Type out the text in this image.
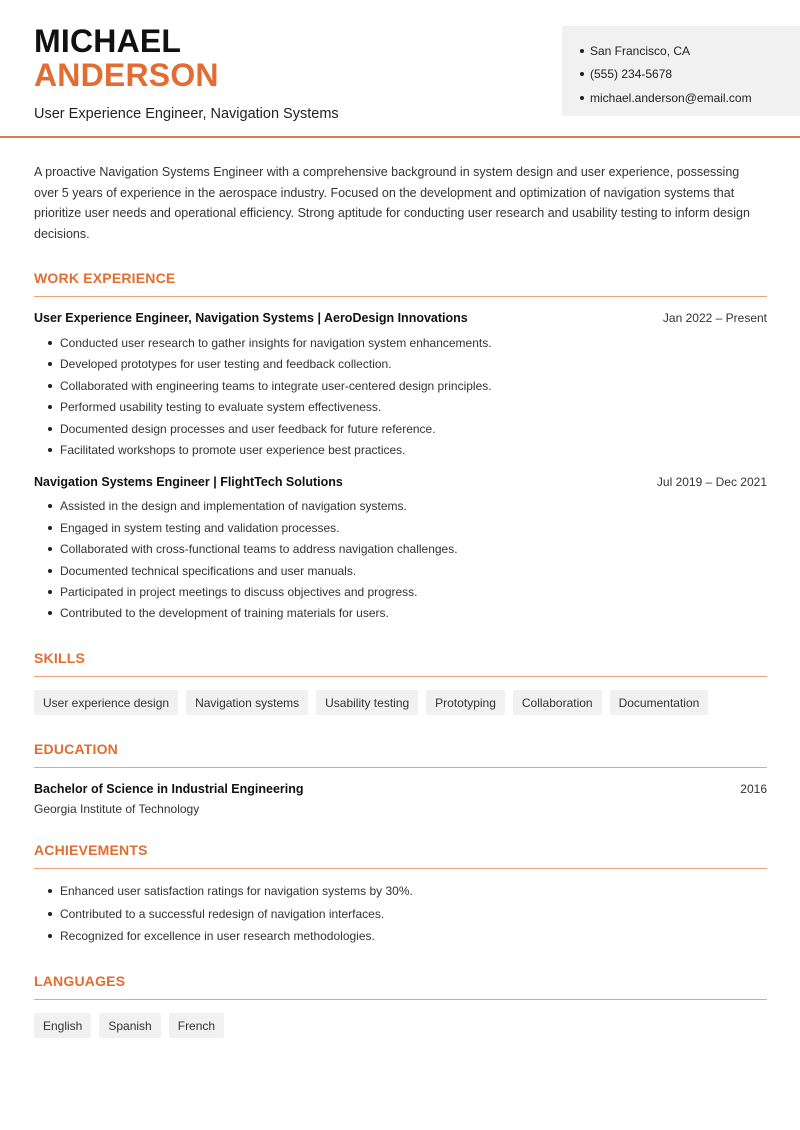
MICHAEL
ANDERSON
User Experience Engineer, Navigation Systems
San Francisco, CA
(555) 234-5678
michael.anderson@email.com

A proactive Navigation Systems Engineer with a comprehensive background in system design and user experience, possessing over 5 years of experience in the aerospace industry. Focused on the development and optimization of navigation systems that prioritize user needs and operational efficiency. Strong aptitude for conducting user research and usability testing to inform design decisions.

WORK EXPERIENCE
User Experience Engineer, Navigation Systems | AeroDesign Innovations	Jan 2022 – Present
Conducted user research to gather insights for navigation system enhancements.
Developed prototypes for user testing and feedback collection.
Collaborated with engineering teams to integrate user-centered design principles.
Performed usability testing to evaluate system effectiveness.
Documented design processes and user feedback for future reference.
Facilitated workshops to promote user experience best practices.
Navigation Systems Engineer | FlightTech Solutions	Jul 2019 – Dec 2021
Assisted in the design and implementation of navigation systems.
Engaged in system testing and validation processes.
Collaborated with cross-functional teams to address navigation challenges.
Documented technical specifications and user manuals.
Participated in project meetings to discuss objectives and progress.
Contributed to the development of training materials for users.
SKILLS
User experience design	Navigation systems	Usability testing	Prototyping	Collaboration	Documentation
EDUCATION
Bachelor of Science in Industrial Engineering	2016
Georgia Institute of Technology
ACHIEVEMENTS
Enhanced user satisfaction ratings for navigation systems by 30%.
Contributed to a successful redesign of navigation interfaces.
Recognized for excellence in user research methodologies.
LANGUAGES
English	Spanish	French
